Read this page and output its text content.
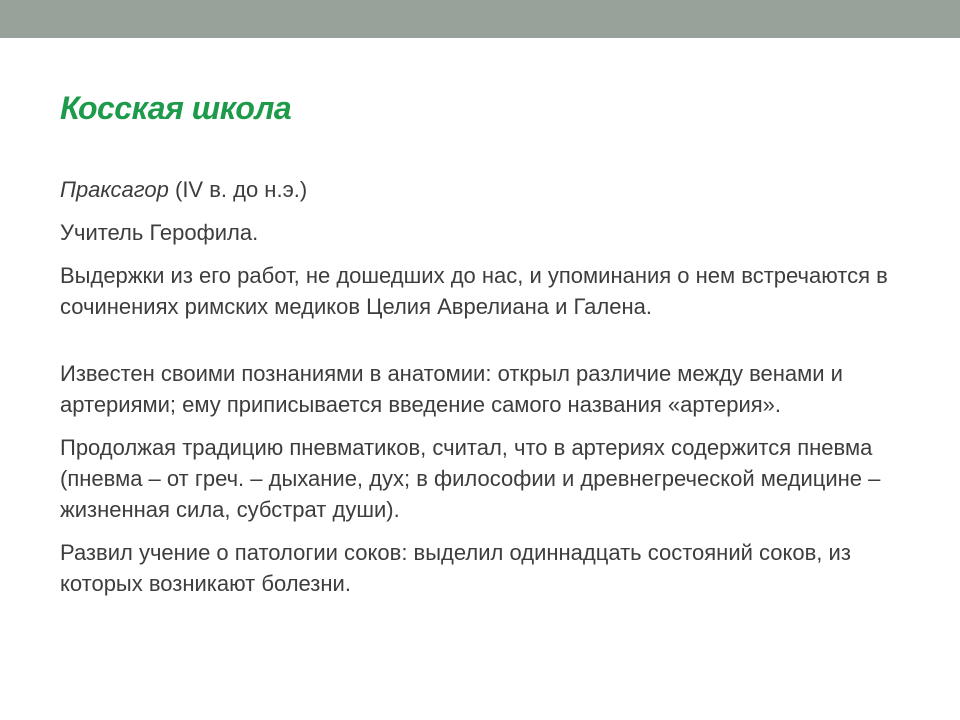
Косская школа

Праксагор (IV в. до н.э.)

Учитель Герофила.

Выдержки из его работ, не дошедших до нас, и упоминания о нем встречаются в сочинениях римских медиков Целия Аврелиана и Галена.

Известен своими познаниями в анатомии: открыл различие между венами и артериями; ему приписывается введение самого названия «артерия».

Продолжая традицию пневматиков, считал, что в артериях содержится пневма (пневма – от греч. – дыхание, дух; в философии и древнегреческой медицине – жизненная сила, субстрат души).

Развил учение о патологии соков: выделил одиннадцать состояний соков, из которых возникают болезни.
